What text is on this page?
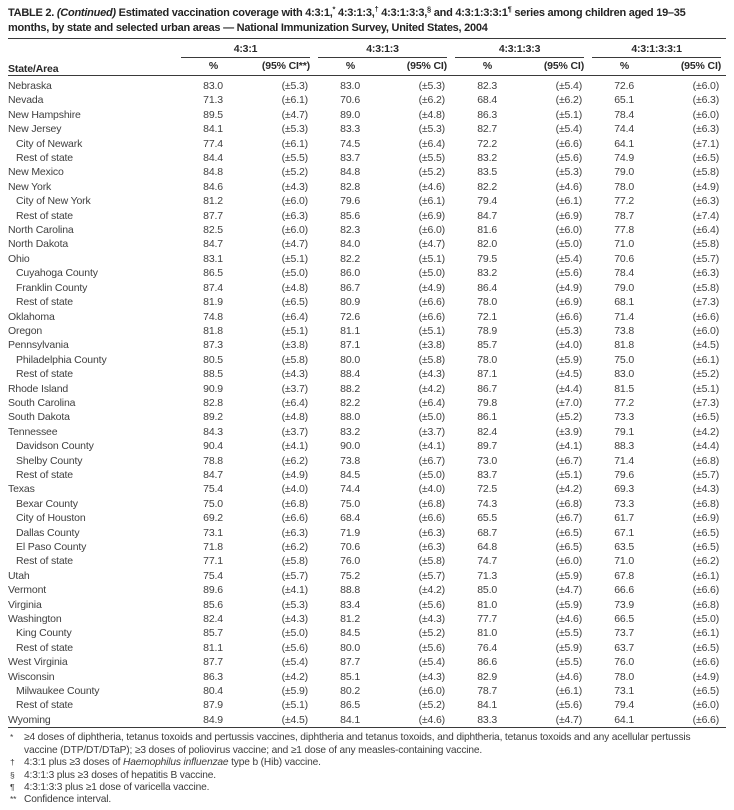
TABLE 2. (Continued) Estimated vaccination coverage with 4:3:1,* 4:3:1:3,† 4:3:1:3:3,§ and 4:3:1:3:3:1¶ series among children aged 19–35 months, by state and selected urban areas — National Immunization Survey, United States, 2004
State/Area	4:3:1		4:3:1:3		4:3:1:3:3		4:3:1:3:3:1	

	%	(95% CI**)	%	(95% CI)	%	(95% CI)	%	(95% CI)
Nebraska	83.0	(±5.3)	83.0	(±5.3)	82.3	(±5.4)	72.6	(±6.0)
Nevada	71.3	(±6.1)	70.6	(±6.2)	68.4	(±6.2)	65.1	(±6.3)
New Hampshire	89.5	(±4.7)	89.0	(±4.8)	86.3	(±5.1)	78.4	(±6.0)
New Jersey	84.1	(±5.3)	83.3	(±5.3)	82.7	(±5.4)	74.4	(±6.3)
City of Newark	77.4	(±6.1)	74.5	(±6.4)	72.2	(±6.6)	64.1	(±7.1)
Rest of state	84.4	(±5.5)	83.7	(±5.5)	83.2	(±5.6)	74.9	(±6.5)
New Mexico	84.8	(±5.2)	84.8	(±5.2)	83.5	(±5.3)	79.0	(±5.8)
New York	84.6	(±4.3)	82.8	(±4.6)	82.2	(±4.6)	78.0	(±4.9)
City of New York	81.2	(±6.0)	79.6	(±6.1)	79.4	(±6.1)	77.2	(±6.3)
Rest of state	87.7	(±6.3)	85.6	(±6.9)	84.7	(±6.9)	78.7	(±7.4)
North Carolina	82.5	(±6.0)	82.3	(±6.0)	81.6	(±6.0)	77.8	(±6.4)
North Dakota	84.7	(±4.7)	84.0	(±4.7)	82.0	(±5.0)	71.0	(±5.8)
Ohio	83.1	(±5.1)	82.2	(±5.1)	79.5	(±5.4)	70.6	(±5.7)
Cuyahoga County	86.5	(±5.0)	86.0	(±5.0)	83.2	(±5.6)	78.4	(±6.3)
Franklin County	87.4	(±4.8)	86.7	(±4.9)	86.4	(±4.9)	79.0	(±5.8)
Rest of state	81.9	(±6.5)	80.9	(±6.6)	78.0	(±6.9)	68.1	(±7.3)
Oklahoma	74.8	(±6.4)	72.6	(±6.6)	72.1	(±6.6)	71.4	(±6.6)
Oregon	81.8	(±5.1)	81.1	(±5.1)	78.9	(±5.3)	73.8	(±6.0)
Pennsylvania	87.3	(±3.8)	87.1	(±3.8)	85.7	(±4.0)	81.8	(±4.5)
Philadelphia County	80.5	(±5.8)	80.0	(±5.8)	78.0	(±5.9)	75.0	(±6.1)
Rest of state	88.5	(±4.3)	88.4	(±4.3)	87.1	(±4.5)	83.0	(±5.2)
Rhode Island	90.9	(±3.7)	88.2	(±4.2)	86.7	(±4.4)	81.5	(±5.1)
South Carolina	82.8	(±6.4)	82.2	(±6.4)	79.8	(±7.0)	77.2	(±7.3)
South Dakota	89.2	(±4.8)	88.0	(±5.0)	86.1	(±5.2)	73.3	(±6.5)
Tennessee	84.3	(±3.7)	83.2	(±3.7)	82.4	(±3.9)	79.1	(±4.2)
Davidson County	90.4	(±4.1)	90.0	(±4.1)	89.7	(±4.1)	88.3	(±4.4)
Shelby County	78.8	(±6.2)	73.8	(±6.7)	73.0	(±6.7)	71.4	(±6.8)
Rest of state	84.7	(±4.9)	84.5	(±5.0)	83.7	(±5.1)	79.6	(±5.7)
Texas	75.4	(±4.0)	74.4	(±4.0)	72.5	(±4.2)	69.3	(±4.3)
Bexar County	75.0	(±6.8)	75.0	(±6.8)	74.3	(±6.8)	73.3	(±6.8)
City of Houston	69.2	(±6.6)	68.4	(±6.6)	65.5	(±6.7)	61.7	(±6.9)
Dallas County	73.1	(±6.3)	71.9	(±6.3)	68.7	(±6.5)	67.1	(±6.5)
El Paso County	71.8	(±6.2)	70.6	(±6.3)	64.8	(±6.5)	63.5	(±6.5)
Rest of state	77.1	(±5.8)	76.0	(±5.8)	74.7	(±6.0)	71.0	(±6.2)
Utah	75.4	(±5.7)	75.2	(±5.7)	71.3	(±5.9)	67.8	(±6.1)
Vermont	89.6	(±4.1)	88.8	(±4.2)	85.0	(±4.7)	66.6	(±6.6)
Virginia	85.6	(±5.3)	83.4	(±5.6)	81.0	(±5.9)	73.9	(±6.8)
Washington	82.4	(±4.3)	81.2	(±4.3)	77.7	(±4.6)	66.5	(±5.0)
King County	85.7	(±5.0)	84.5	(±5.2)	81.0	(±5.5)	73.7	(±6.1)
Rest of state	81.1	(±5.6)	80.0	(±5.6)	76.4	(±5.9)	63.7	(±6.5)
West Virginia	87.7	(±5.4)	87.7	(±5.4)	86.6	(±5.5)	76.0	(±6.6)
Wisconsin	86.3	(±4.2)	85.1	(±4.3)	82.9	(±4.6)	78.0	(±4.9)
Milwaukee County	80.4	(±5.9)	80.2	(±6.0)	78.7	(±6.1)	73.1	(±6.5)
Rest of state	87.9	(±5.1)	86.5	(±5.2)	84.1	(±5.6)	79.4	(±6.0)
Wyoming	84.9	(±4.5)	84.1	(±4.6)	83.3	(±4.7)	64.1	(±6.6)
* ≥4 doses of diphtheria, tetanus toxoids and pertussis vaccines, diphtheria and tetanus toxoids, and diphtheria, tetanus toxoids and any acellular pertussis vaccine (DTP/DT/DTaP); ≥3 doses of poliovirus vaccine; and ≥1 dose of any measles-containing vaccine.
† 4:3:1 plus ≥3 doses of Haemophilus influenzae type b (Hib) vaccine.
§ 4:3:1:3 plus ≥3 doses of hepatitis B vaccine.
¶ 4:3:1:3:3 plus ≥1 dose of varicella vaccine.
** Confidence interval.
